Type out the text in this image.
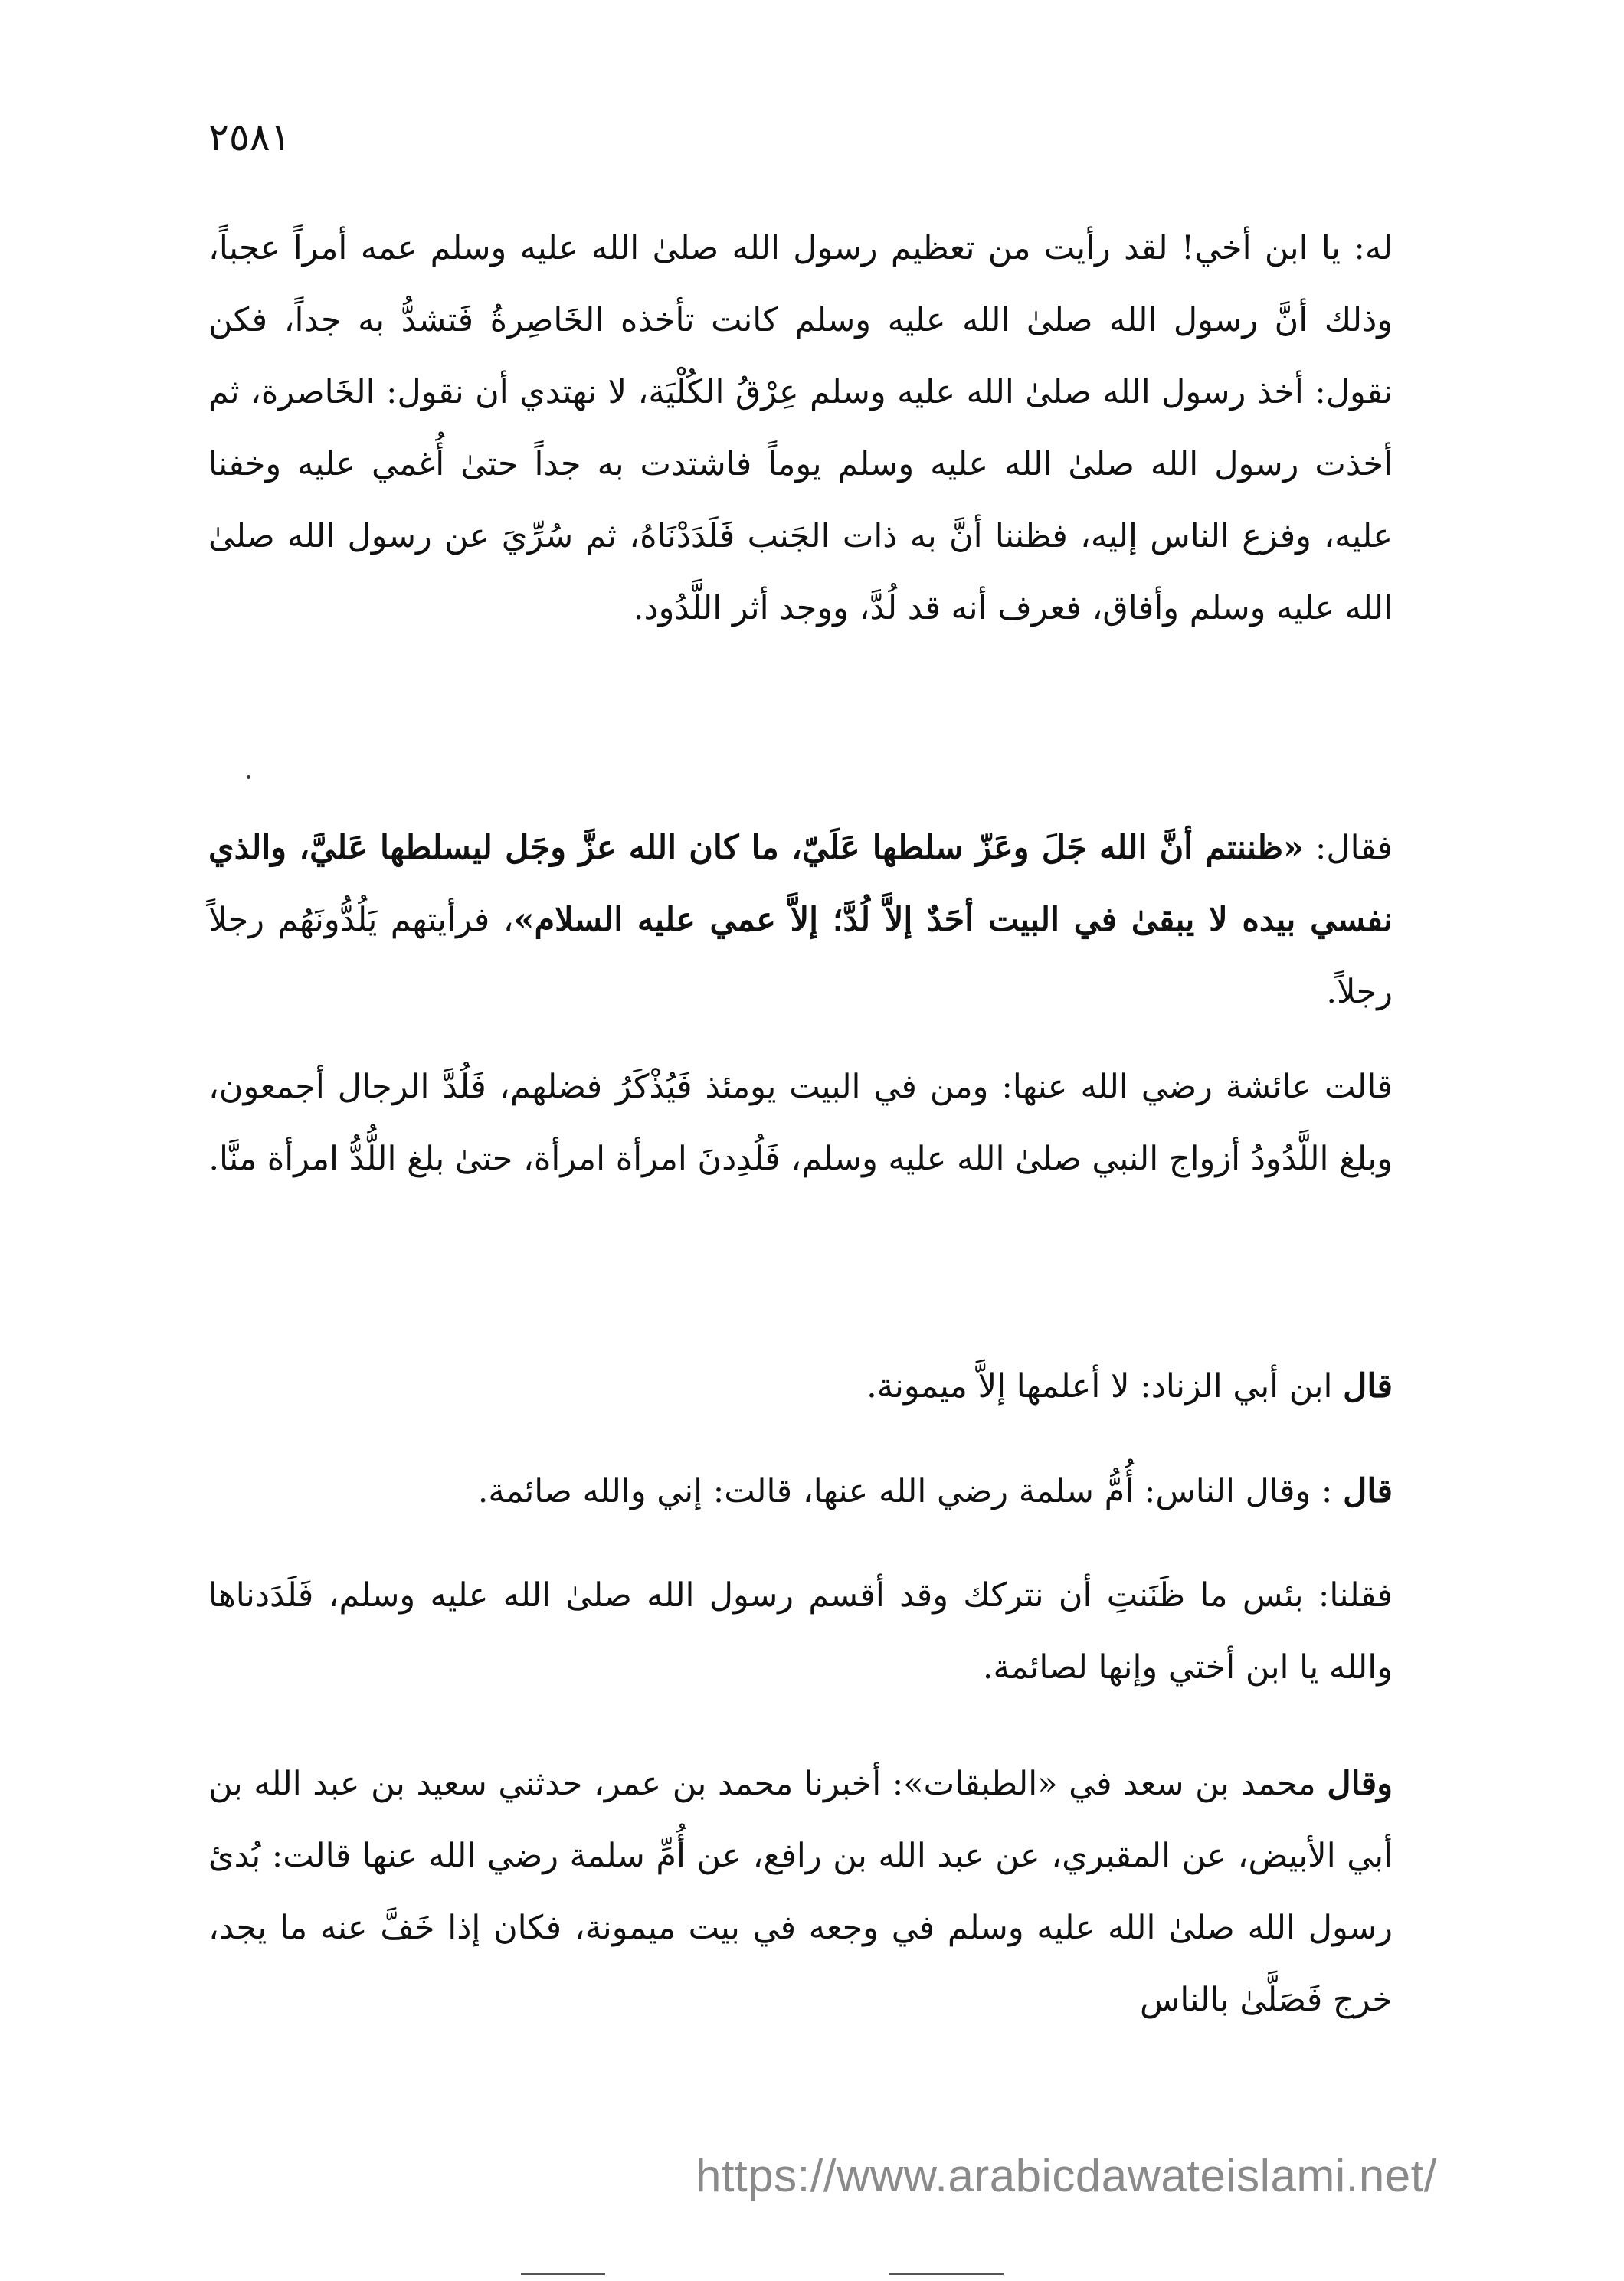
٢٥٨١
له: يا ابن أخي! لقد رأيت من تعظيم رسول الله صلىٰ الله عليه وسلم عمه أمراً عجباً، وذلك أنَّ رسول الله صلىٰ الله عليه وسلم كانت تأخذه الخَاصِرةُ فَتشدُّ به جداً، فكن نقول: أخذ رسول الله صلىٰ الله عليه وسلم عِرْقُ الكُلْيَة، لا نهتدي أن نقول: الخَاصرة، ثم أخذت رسول الله صلىٰ الله عليه وسلم يوماً فاشتدت به جداً حتىٰ أُغمي عليه وخفنا عليه، وفزع الناس إليه، فظننا أنَّ به ذات الجَنب فَلَدَدْنَاهُ، ثم سُرِّيَ عن رسول الله صلىٰ الله عليه وسلم وأفاق، فعرف أنه قد لُدَّ، ووجد أثر اللَّدُود.
فقال: «ظننتم أنَّ الله جَلَ وعَزّ سلطها عَلَيّ، ما كان الله عزَّ وجَل ليسلطها عَليَّ، والذي نفسي بيده لا يبقىٰ في البيت أحَدٌ إلاَّ لُدَّ؛ إلاَّ عمي عليه السلام»، فرأيتهم يَلُدُّونَهُم رجلاً رجلاً.
قالت عائشة رضي الله عنها: ومن في البيت يومئذ فَيُذْكَرُ فضلهم، فَلُدَّ الرجال أجمعون، وبلغ اللَّدُودُ أزواج النبي صلىٰ الله عليه وسلم، فَلُدِدنَ امرأة امرأة، حتىٰ بلغ اللُّدُّ امرأة منَّا.
قال ابن أبي الزناد: لا أعلمها إلاَّ ميمونة.
قال : وقال الناس: أُمُّ سلمة رضي الله عنها، قالت: إني والله صائمة.
فقلنا: بئس ما ظَنَنتِ أن نتركك وقد أقسم رسول الله صلىٰ الله عليه وسلم، فَلَدَدناها والله يا ابن أختي وإنها لصائمة.
وقال محمد بن سعد في «الطبقات»: أخبرنا محمد بن عمر، حدثني سعيد بن عبد الله بن أبي الأبيض، عن المقبري، عن عبد الله بن رافع، عن أُمِّ سلمة رضي الله عنها قالت: بُدئ رسول الله صلىٰ الله عليه وسلم في وجعه في بيت ميمونة، فكان إذا خَفَّ عنه ما يجد، خرج فَصَلَّىٰ بالناس
https://www.arabicdawateislami.net/
